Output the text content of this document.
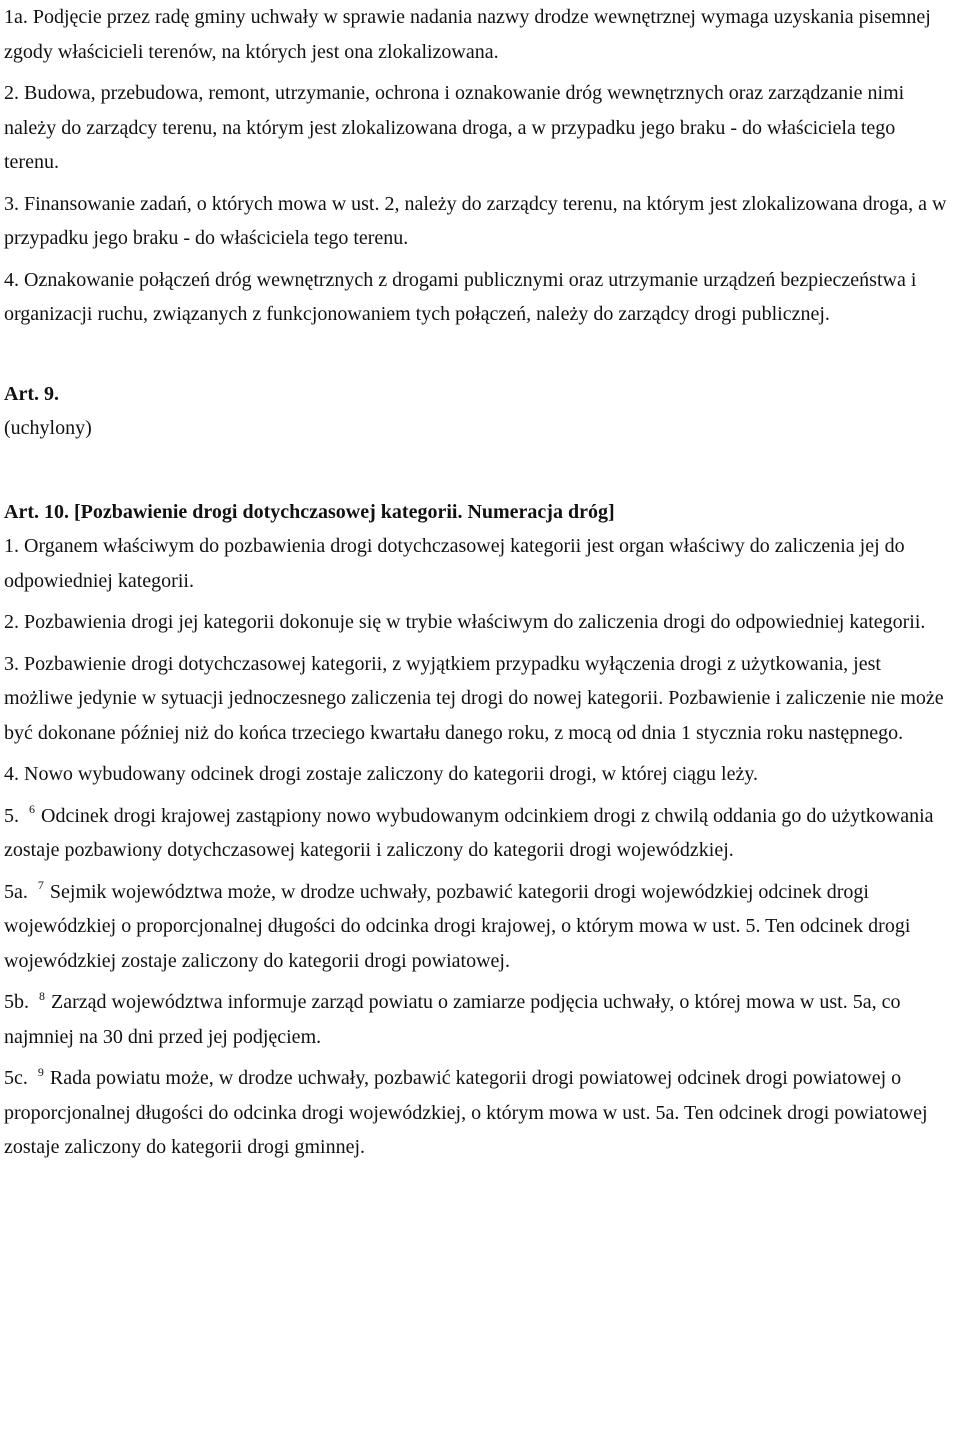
1a. Podjęcie przez radę gminy uchwały w sprawie nadania nazwy drodze wewnętrznej wymaga uzyskania pisemnej zgody właścicieli terenów, na których jest ona zlokalizowana.

2. Budowa, przebudowa, remont, utrzymanie, ochrona i oznakowanie dróg wewnętrznych oraz zarządzanie nimi należy do zarządcy terenu, na którym jest zlokalizowana droga, a w przypadku jego braku - do właściciela tego terenu.

3. Finansowanie zadań, o których mowa w ust. 2, należy do zarządcy terenu, na którym jest zlokalizowana droga, a w przypadku jego braku - do właściciela tego terenu.

4. Oznakowanie połączeń dróg wewnętrznych z drogami publicznymi oraz utrzymanie urządzeń bezpieczeństwa i organizacji ruchu, związanych z funkcjonowaniem tych połączeń, należy do zarządcy drogi publicznej.

Art. 9.

(uchylony)

Art. 10. [Pozbawienie drogi dotychczasowej kategorii. Numeracja dróg]

1. Organem właściwym do pozbawienia drogi dotychczasowej kategorii jest organ właściwy do zaliczenia jej do odpowiedniej kategorii.

2. Pozbawienia drogi jej kategorii dokonuje się w trybie właściwym do zaliczenia drogi do odpowiedniej kategorii.

3. Pozbawienie drogi dotychczasowej kategorii, z wyjątkiem przypadku wyłączenia drogi z użytkowania, jest możliwe jedynie w sytuacji jednoczesnego zaliczenia tej drogi do nowej kategorii. Pozbawienie i zaliczenie nie może być dokonane później niż do końca trzeciego kwartału danego roku, z mocą od dnia 1 stycznia roku następnego.

4. Nowo wybudowany odcinek drogi zostaje zaliczony do kategorii drogi, w której ciągu leży.

5. $^6$ Odcinek drogi krajowej zastąpiony nowo wybudowanym odcinkiem drogi z chwilą oddania go do użytkowania zostaje pozbawiony dotychczasowej kategorii i zaliczony do kategorii drogi wojewódzkiej.

5a. $^7$ Sejmik województwa może, w drodze uchwały, pozbawić kategorii drogi wojewódzkiej odcinek drogi wojewódzkiej o proporcjonalnej długości do odcinka drogi krajowej, o którym mowa w ust. 5. Ten odcinek drogi wojewódzkiej zostaje zaliczony do kategorii drogi powiatowej.

5b. $^8$ Zarząd województwa informuje zarząd powiatu o zamiarze podjęcia uchwały, o której mowa w ust. 5a, co najmniej na 30 dni przed jej podjęciem.

5c. $^9$ Rada powiatu może, w drodze uchwały, pozbawić kategorii drogi powiatowej odcinek drogi powiatowej o proporcjonalnej długości do odcinka drogi wojewódzkiej, o którym mowa w ust. 5a. Ten odcinek drogi powiatowej zostaje zaliczony do kategorii drogi gminnej.
